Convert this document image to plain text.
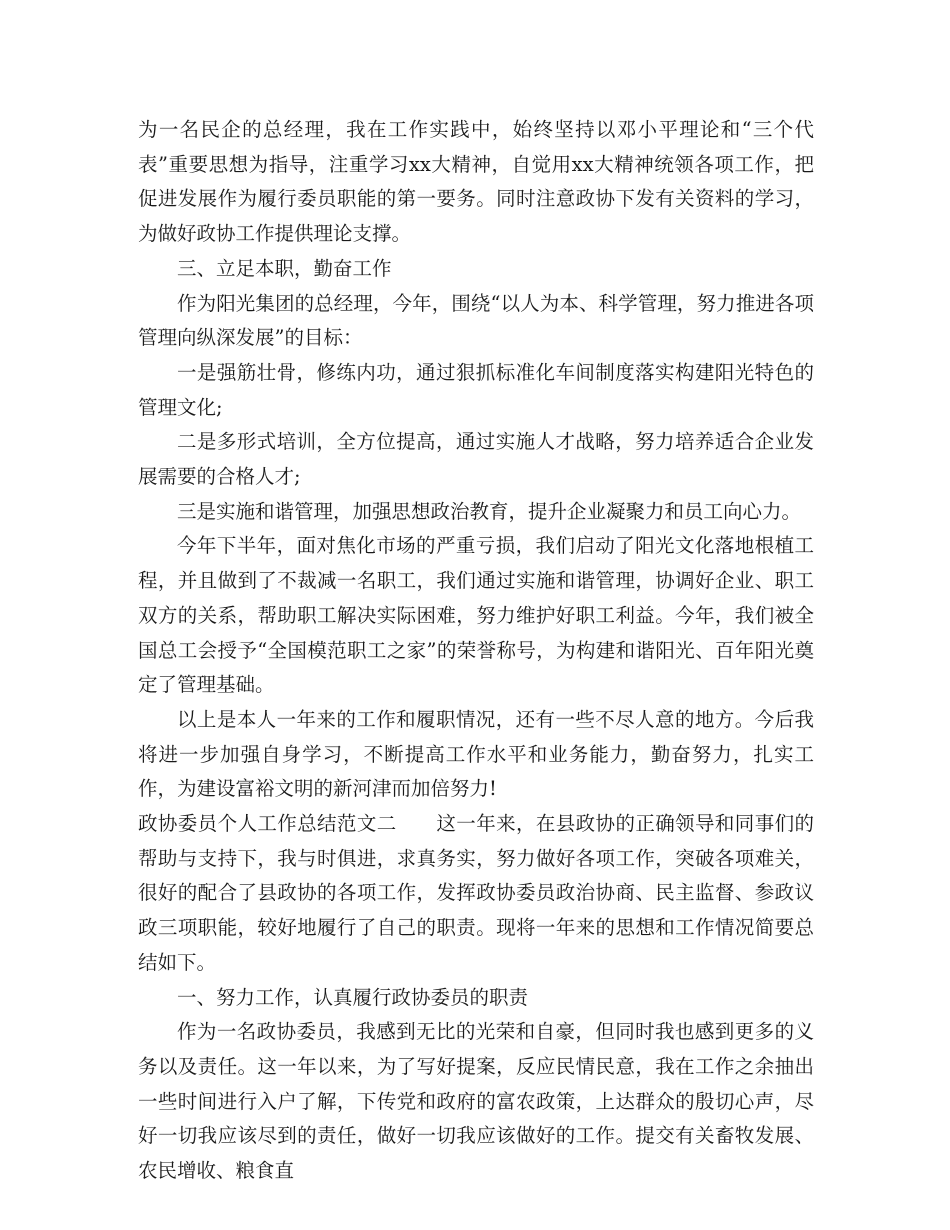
为一名民企的总经理，我在工作实践中，始终坚持以邓小平理论和“三个代表”重要思想为指导，注重学习xx大精神，自觉用xx大精神统领各项工作，把促进发展作为履行委员职能的第一要务。同时注意政协下发有关资料的学习，为做好政协工作提供理论支撑。

三、立足本职，勤奋工作

作为阳光集团的总经理，今年，围绕“以人为本、科学管理，努力推进各项管理向纵深发展”的目标：

一是强筋壮骨，修练内功，通过狠抓标准化车间制度落实构建阳光特色的管理文化;

二是多形式培训，全方位提高，通过实施人才战略，努力培养适合企业发展需要的合格人才;

三是实施和谐管理，加强思想政治教育，提升企业凝聚力和员工向心力。

今年下半年，面对焦化市场的严重亏损，我们启动了阳光文化落地根植工程，并且做到了不裁减一名职工，我们通过实施和谐管理，协调好企业、职工双方的关系，帮助职工解决实际困难，努力维护好职工利益。今年，我们被全国总工会授予“全国模范职工之家”的荣誉称号，为构建和谐阳光、百年阳光奠定了管理基础。

以上是本人一年来的工作和履职情况，还有一些不尽人意的地方。今后我将进一步加强自身学习，不断提高工作水平和业务能力，勤奋努力，扎实工作，为建设富裕文明的新河津而加倍努力!

政协委员个人工作总结范文二　　这一年来，在县政协的正确领导和同事们的帮助与支持下，我与时俱进，求真务实，努力做好各项工作，突破各项难关，很好的配合了县政协的各项工作，发挥政协委员政治协商、民主监督、参政议政三项职能，较好地履行了自己的职责。现将一年来的思想和工作情况简要总结如下。

一、努力工作，认真履行政协委员的职责

作为一名政协委员，我感到无比的光荣和自豪，但同时我也感到更多的义务以及责任。这一年以来，为了写好提案，反应民情民意，我在工作之余抽出一些时间进行入户了解，下传党和政府的富农政策，上达群众的殷切心声，尽好一切我应该尽到的责任，做好一切我应该做好的工作。提交有关畜牧发展、农民增收、粮食直
